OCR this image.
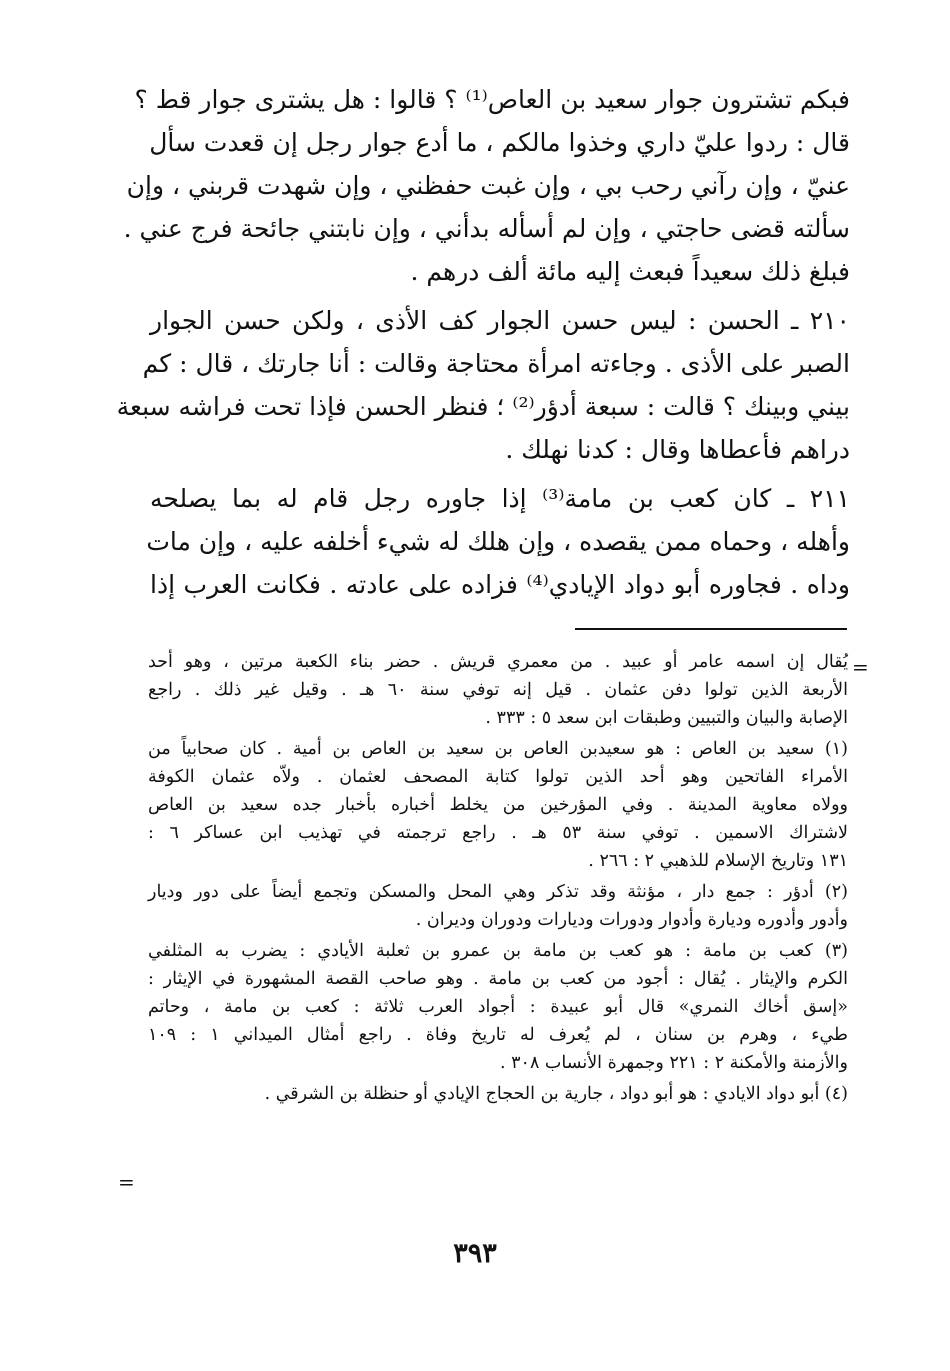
فبكم تشترون جوار سعيد بن العاص⁽¹⁾ ؟ قالوا : هل يشترى جوار قط ؟
قال : ردوا عليّ داري وخذوا مالكم ، ما أدع جوار رجل إن قعدت سأل
عنيّ ، وإن رآني رحب بي ، وإن غبت حفظني ، وإن شهدت قربني ، وإن
سألته قضى حاجتي ، وإن لم أسأله بدأني ، وإن نابتني جائحة فرج عني .
فبلغ ذلك سعيداً فبعث إليه مائة ألف درهم .
٢١٠ ـ الحسن : ليس حسن الجوار كف الأذى ، ولكن حسن الجوار
الصبر على الأذى . وجاءته امرأة محتاجة وقالت : أنا جارتك ، قال : كم
بيني وبينك ؟ قالت : سبعة أدؤر⁽²⁾ ؛ فنظر الحسن فإذا تحت فراشه سبعة
دراهم فأعطاها وقال : كدنا نهلك .
٢١١ ـ كان كعب بن مامة⁽³⁾ إذا جاوره رجل قام له بما يصلحه
وأهله ، وحماه ممن يقصده ، وإن هلك له شيء أخلفه عليه ، وإن مات
وداه . فجاوره أبو دواد الإيادي⁽⁴⁾ فزاده على عادته . فكانت العرب إذا
=
يُقال إن اسمه عامر أو عبيد . من معمري قريش . حضر بناء الكعبة مرتين ، وهو أحد
الأربعة الذين تولوا دفن عثمان . قيل إنه توفي سنة ٦٠ هـ . وقيل غير ذلك . راجع
الإصابة والبيان والتبيين وطبقات ابن سعد ٥ : ٣٣٣ .
(١) سعيد بن العاص : هو سعيدبن العاص بن سعيد بن العاص بن أمية . كان صحابياً من
الأمراء الفاتحين وهو أحد الذين تولوا كتابة المصحف لعثمان . ولاّه عثمان الكوفة
وولاه معاوية المدينة . وفي المؤرخين من يخلط أخباره بأخبار جده سعيد بن العاص
لاشتراك الاسمين . توفي سنة ٥٣ هـ . راجع ترجمته في تهذيب ابن عساكر ٦ :
١٣١ وتاريخ الإسلام للذهبي ٢ : ٢٦٦ .
(٢) أدؤر : جمع دار ، مؤنثة وقد تذكر وهي المحل والمسكن وتجمع أيضاً على دور وديار
وأدور وأدوره وديارة وأدوار ودورات وديارات ودوران وديران .
(٣) كعب بن مامة : هو كعب بن مامة بن عمرو بن ثعلبة الأيادي : يضرب به المثلفي
الكرم والإيثار . يُقال : أجود من كعب بن مامة . وهو صاحب القصة المشهورة في الإيثار :
«إسق أخاك النمري» قال أبو عبيدة : أجواد العرب ثلاثة : كعب بن مامة ، وحاتم
طيء ، وهرم بن سنان ، لم يُعرف له تاريخ وفاة . راجع أمثال الميداني ١ : ١٠٩
والأزمنة والأمكنة ٢ : ٢٢١ وجمهرة الأنساب ٣٠٨ .
(٤) أبو دواد الايادي : هو أبو دواد ، جارية بن الحجاج الإيادي أو حنظلة بن الشرقي .
=
٣٩٣
